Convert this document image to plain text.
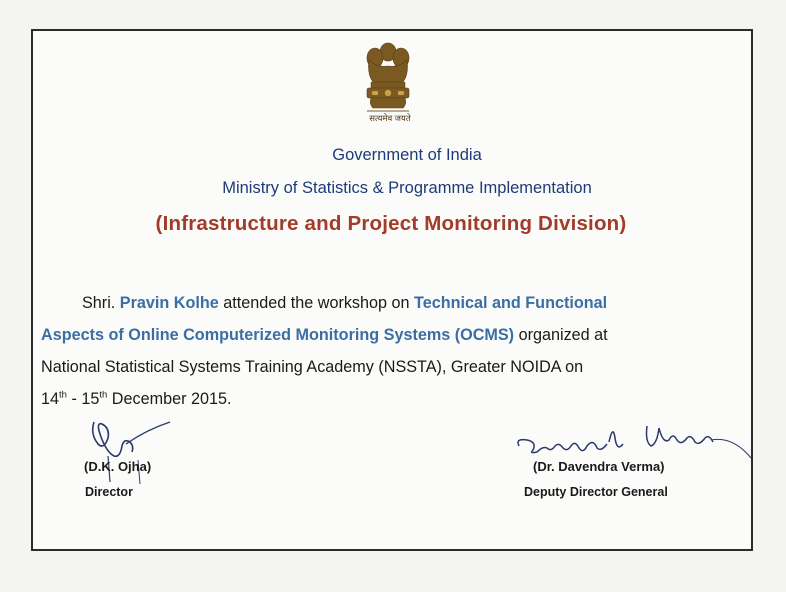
सत्यमेव जयते
Government of India
Ministry of Statistics & Programme Implementation
(Infrastructure and Project Monitoring Division)
Shri. Pravin Kolhe attended the workshop on Technical and Functional
Aspects of Online Computerized Monitoring Systems (OCMS) organized at
National Statistical Systems Training Academy (NSSTA), Greater NOIDA on
14th - 15th December 2015.
(D.K. Ojha)
Director
(Dr. Davendra Verma)
Deputy Director General
